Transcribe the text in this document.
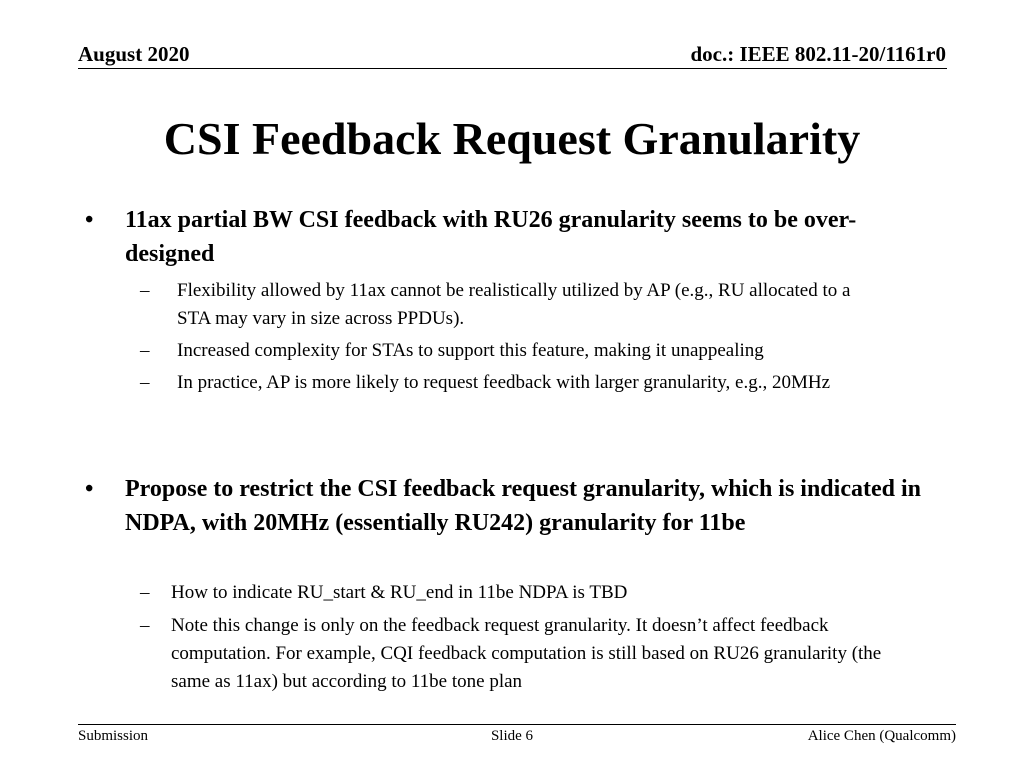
August 2020	doc.: IEEE 802.11-20/1161r0
CSI Feedback Request Granularity
• 11ax partial BW CSI feedback with RU26 granularity seems to be over-designed
– Flexibility allowed by 11ax cannot be realistically utilized by AP (e.g., RU allocated to a STA may vary in size across PPDUs).
– Increased complexity for STAs to support this feature, making it unappealing
– In practice, AP is more likely to request feedback with larger granularity, e.g., 20MHz
• Propose to restrict the CSI feedback request granularity, which is indicated in NDPA, with 20MHz (essentially RU242) granularity for 11be
– How to indicate RU_start & RU_end in 11be NDPA is TBD
– Note this change is only on the feedback request granularity. It doesn’t affect feedback computation. For example, CQI feedback computation is still based on RU26 granularity (the same as 11ax) but according to 11be tone plan
Submission	Slide 6	Alice Chen (Qualcomm)
